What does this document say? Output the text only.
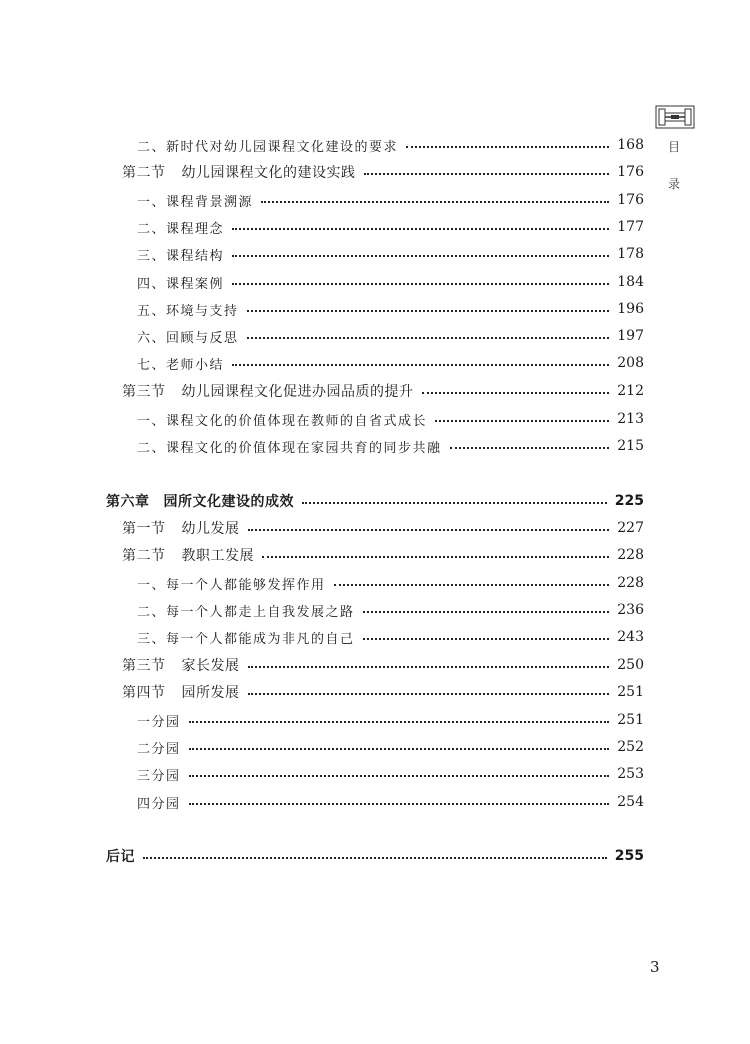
二、新时代对幼儿园课程文化建设的要求	168
第二节 幼儿园课程文化的建设实践	176
一、课程背景溯源	176
二、课程理念	177
三、课程结构	178
四、课程案例	184
五、环境与支持	196
六、回顾与反思	197
七、老师小结	208
第三节 幼儿园课程文化促进办园品质的提升	212
一、课程文化的价值体现在教师的自省式成长	213
二、课程文化的价值体现在家园共育的同步共融	215
第六章 园所文化建设的成效	225
第一节 幼儿发展	227
第二节 教职工发展	228
一、每一个人都能够发挥作用	228
二、每一个人都走上自我发展之路	236
三、每一个人都能成为非凡的自己	243
第三节 家长发展	250
第四节 园所发展	251
一分园	251
二分园	252
三分园	253
四分园	254
后记	255
目
录
3
